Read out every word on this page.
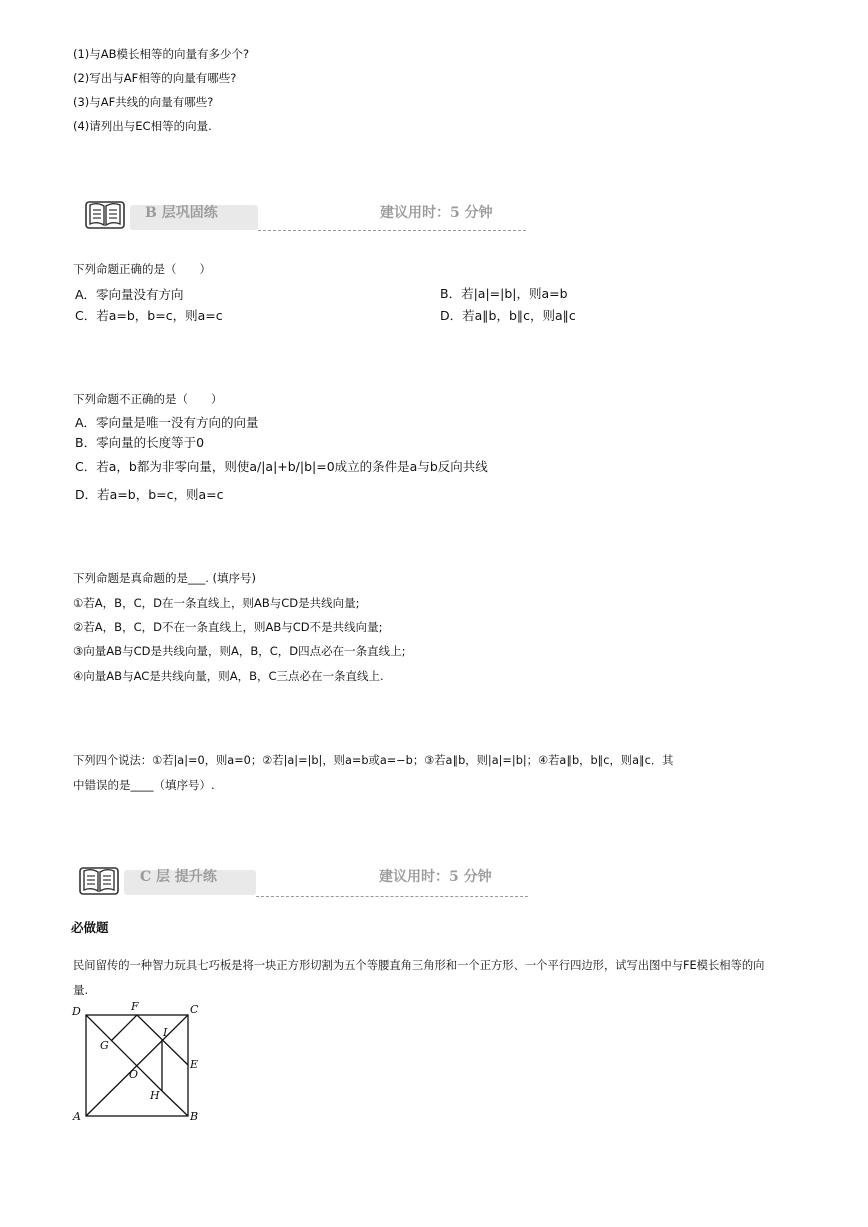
(1)与AB模长相等的向量有多少个?
(2)写出与AF相等的向量有哪些?
(3)与AF共线的向量有哪些?
(4)请列出与EC相等的向量.
B 层巩固练	建议用时：5 分钟
下列命题正确的是（　　）
A．零向量没有方向	B．若|a|=|b|，则a=b
C．若a=b，b=c，则a=c	D．若a∥b，b∥c，则a∥c
下列命题不正确的是（　　）
A．零向量是唯一没有方向的向量
B．零向量的长度等于0
C．若a，b都为非零向量，则使a/|a|+b/|b|=0成立的条件是a与b反向共线
D．若a=b，b=c，则a=c
下列命题是真命题的是___. (填序号)
①若A，B，C，D在一条直线上，则AB与CD是共线向量;
②若A，B，C，D不在一条直线上，则AB与CD不是共线向量;
③向量AB与CD是共线向量，则A，B，C，D四点必在一条直线上;
④向量AB与AC是共线向量，则A，B，C三点必在一条直线上.
下列四个说法：①若|a|=0，则a=0；②若|a|=|b|，则a=b或a=−b；③若a∥b，则|a|=|b|；④若a∥b，b∥c，则a∥c．其
中错误的是____（填序号）.
C 层 提升练	建议用时：5 分钟
必做题
民间留传的一种智力玩具七巧板是将一块正方形切割为五个等腰直角三角形和一个正方形、一个平行四边形，试写出图中与FE模长相等的向
量.
D	F	C
G
I
E
O
H
A	B
